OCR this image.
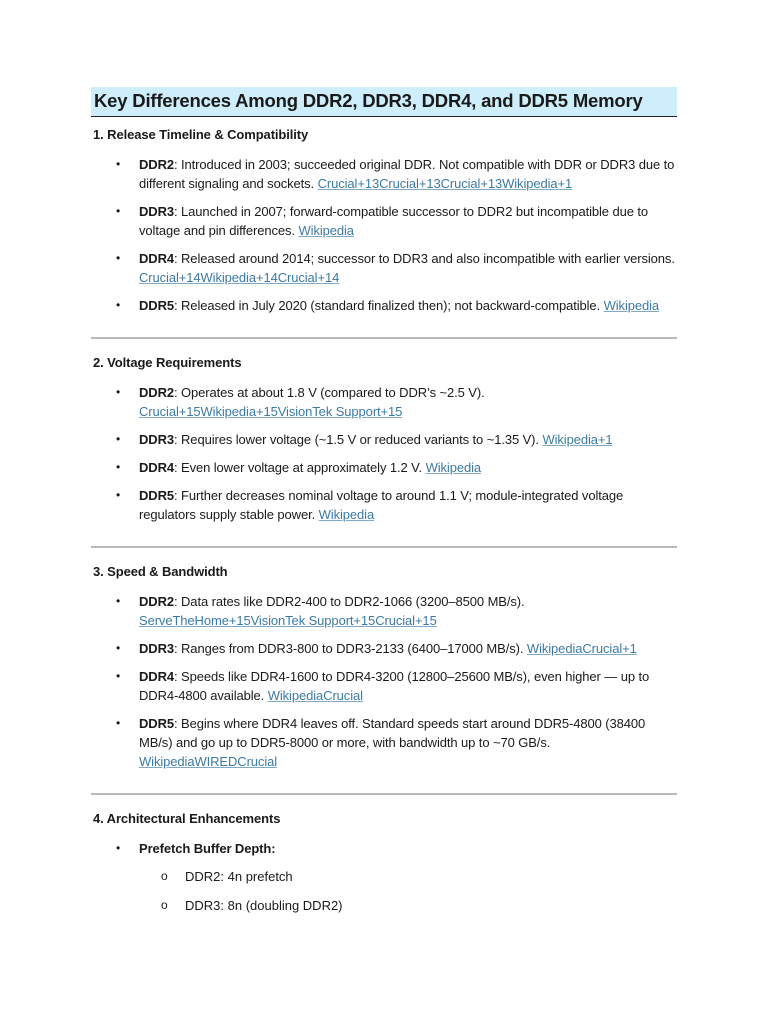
Key Differences Among DDR2, DDR3, DDR4, and DDR5 Memory
1. Release Timeline & Compatibility
• DDR2: Introduced in 2003; succeeded original DDR. Not compatible with DDR or DDR3 due to different signaling and sockets. Crucial+13Crucial+13Crucial+13Wikipedia+1
• DDR3: Launched in 2007; forward-compatible successor to DDR2 but incompatible due to voltage and pin differences. Wikipedia
• DDR4: Released around 2014; successor to DDR3 and also incompatible with earlier versions. Crucial+14Wikipedia+14Crucial+14
• DDR5: Released in July 2020 (standard finalized then); not backward-compatible. Wikipedia
2. Voltage Requirements
• DDR2: Operates at about 1.8 V (compared to DDR’s ~2.5 V). Crucial+15Wikipedia+15VisionTek Support+15
• DDR3: Requires lower voltage (~1.5 V or reduced variants to ~1.35 V). Wikipedia+1
• DDR4: Even lower voltage at approximately 1.2 V. Wikipedia
• DDR5: Further decreases nominal voltage to around 1.1 V; module-integrated voltage regulators supply stable power. Wikipedia
3. Speed & Bandwidth
• DDR2: Data rates like DDR2-400 to DDR2-1066 (3200–8500 MB/s). ServeTheHome+15VisionTek Support+15Crucial+15
• DDR3: Ranges from DDR3-800 to DDR3-2133 (6400–17000 MB/s). WikipediaCrucial+1
• DDR4: Speeds like DDR4-1600 to DDR4-3200 (12800–25600 MB/s), even higher — up to DDR4-4800 available. WikipediaCrucial
• DDR5: Begins where DDR4 leaves off. Standard speeds start around DDR5-4800 (38400 MB/s) and go up to DDR5-8000 or more, with bandwidth up to ~70 GB/s. WikipediaWIREDCrucial
4. Architectural Enhancements
• Prefetch Buffer Depth:
o DDR2: 4n prefetch
o DDR3: 8n (doubling DDR2)
